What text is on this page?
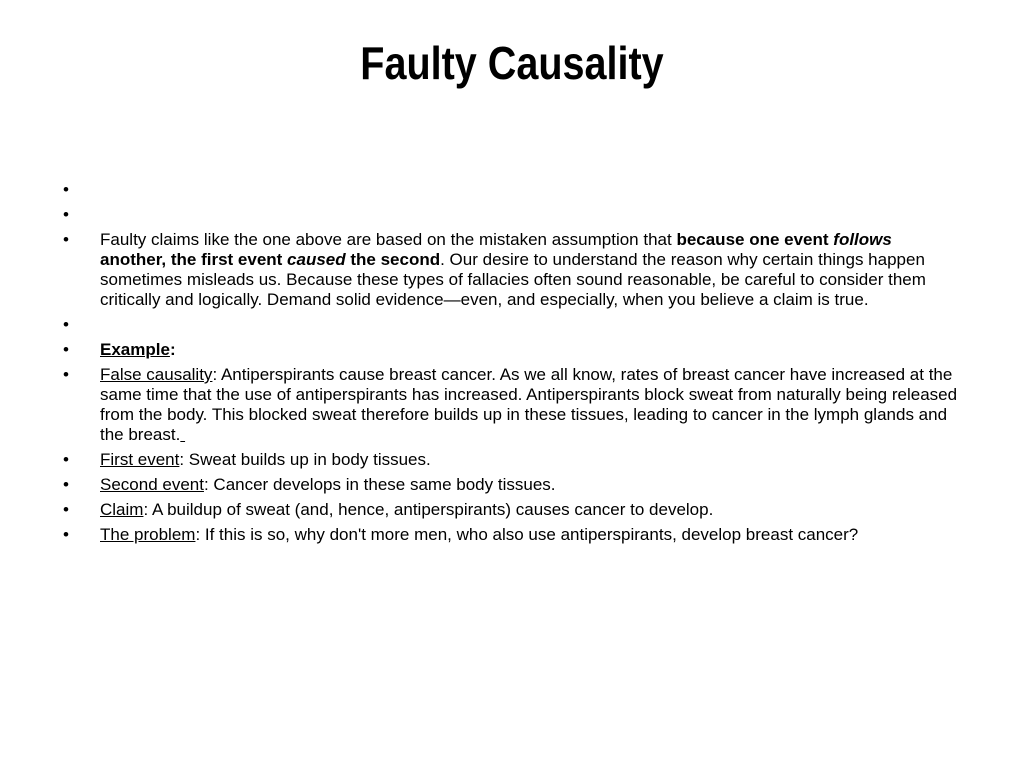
Faulty Causality
•
•
• Faulty claims like the one above are based on the mistaken assumption that because one event follows another, the first event caused the second. Our desire to understand the reason why certain things happen sometimes misleads us. Because these types of fallacies often sound reasonable, be careful to consider them critically and logically. Demand solid evidence—even, and especially, when you believe a claim is true.
•
• Example:
• False causality: Antiperspirants cause breast cancer. As we all know, rates of breast cancer have increased at the same time that the use of antiperspirants has increased. Antiperspirants block sweat from naturally being released from the body. This blocked sweat therefore builds up in these tissues, leading to cancer in the lymph glands and the breast.
• First event: Sweat builds up in body tissues.
• Second event: Cancer develops in these same body tissues.
• Claim: A buildup of sweat (and, hence, antiperspirants) causes cancer to develop.
• The problem: If this is so, why don't more men, who also use antiperspirants, develop breast cancer?
